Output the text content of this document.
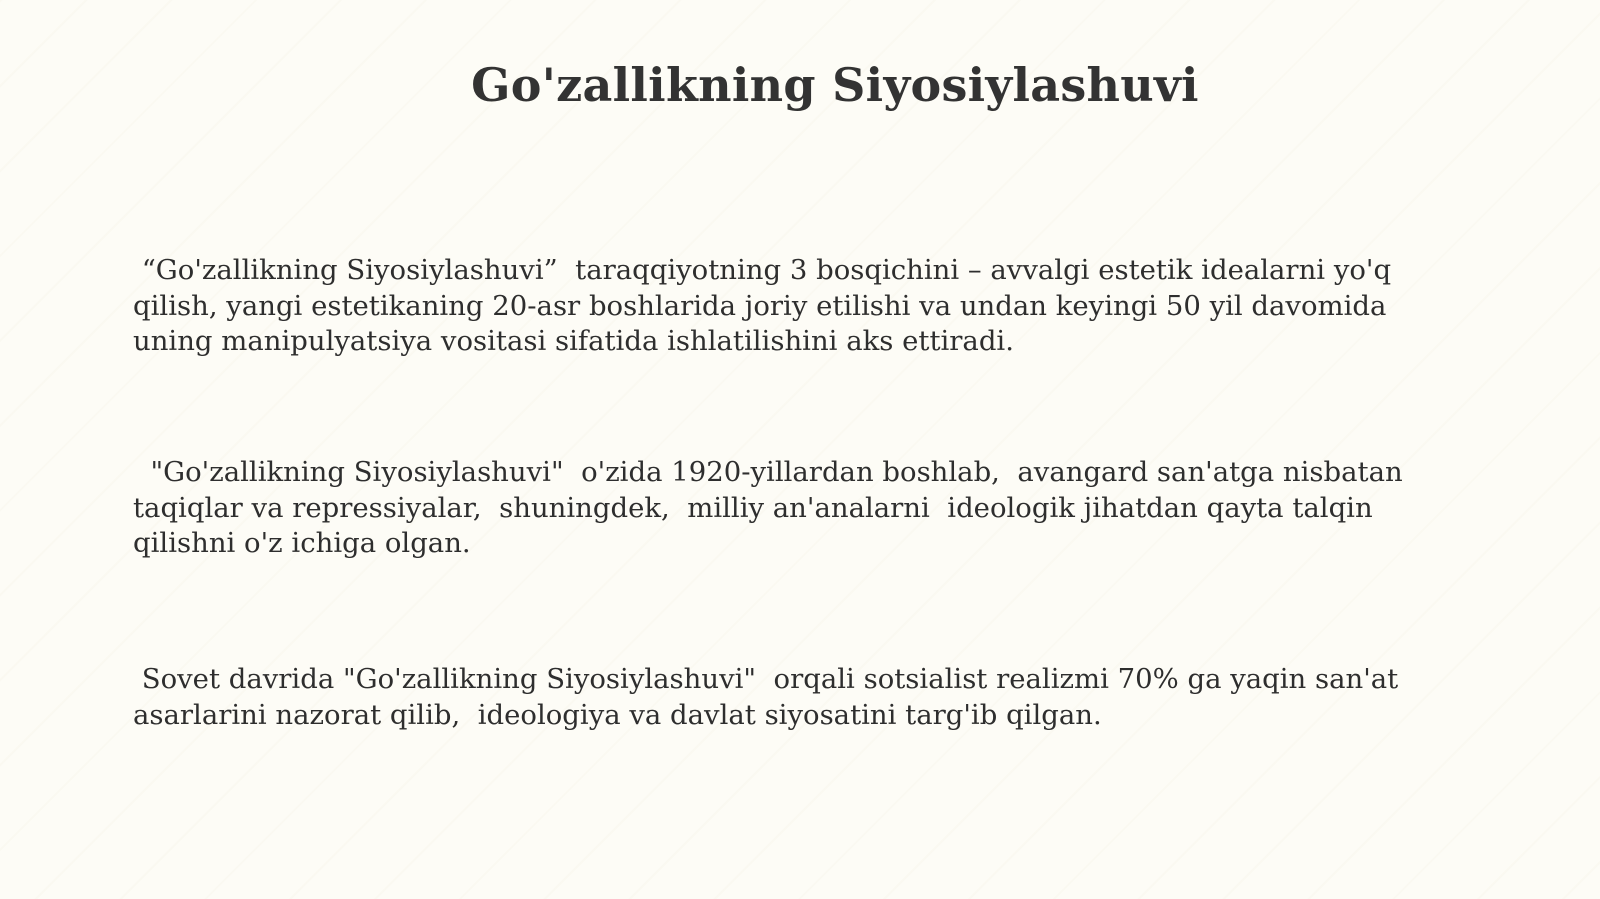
Go'zallikning Siyosiylashuvi

“Go'zallikning Siyosiylashuvi”  taraqqiyotning 3 bosqichini – avvalgi estetik idealarni yo'q qilish, yangi estetikaning 20-asr boshlarida joriy etilishi va undan keyingi 50 yil davomida uning manipulyatsiya vositasi sifatida ishlatilishini aks ettiradi.

"Go'zallikning Siyosiylashuvi"  o'zida 1920-yillardan boshlab,  avangard san'atga nisbatan taqiqlar va repressiyalar,  shuningdek,  milliy an'analarni  ideologik jihatdan qayta talqin qilishni o'z ichiga olgan.

Sovet davrida "Go'zallikning Siyosiylashuvi"  orqali sotsialist realizmi 70% ga yaqin san'at asarlarini nazorat qilib,  ideologiya va davlat siyosatini targ'ib qilgan.
